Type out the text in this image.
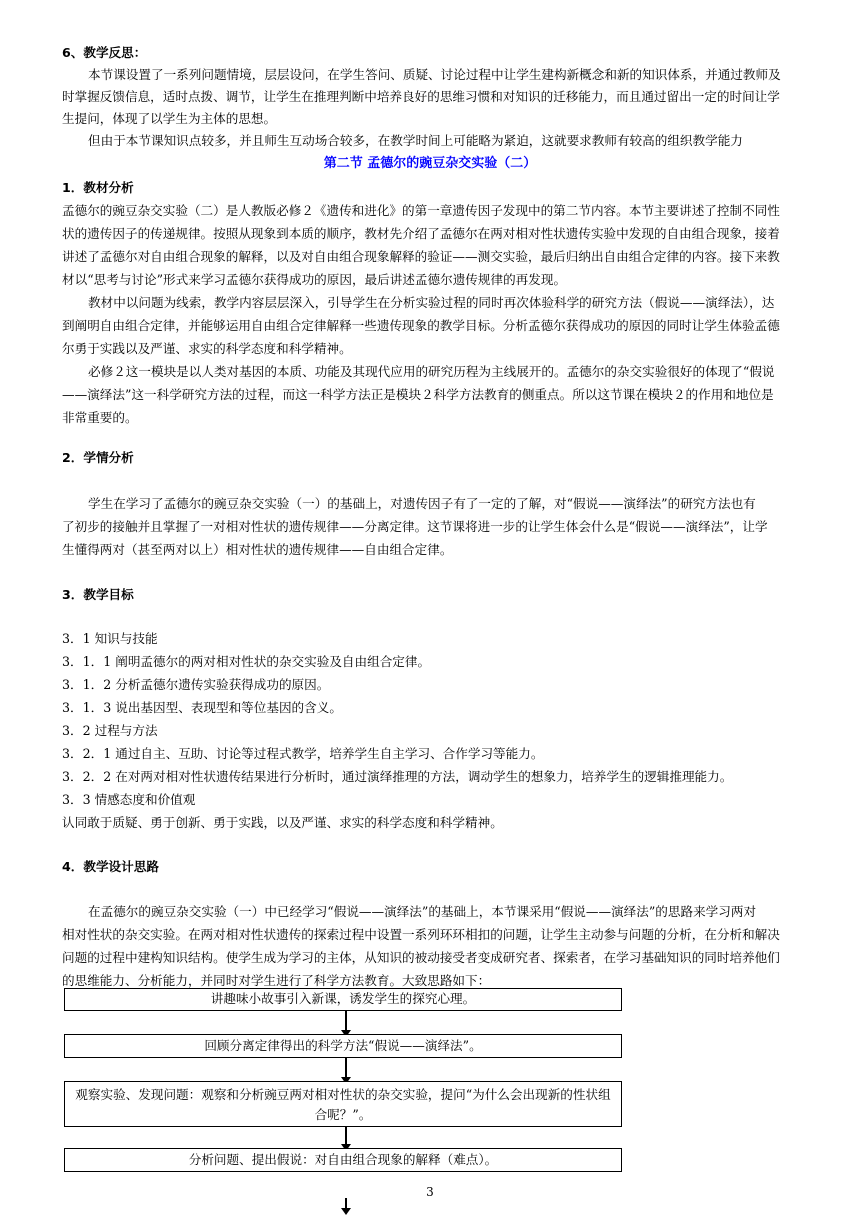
6、教学反思：
本节课设置了一系列问题情境，层层设问，在学生答问、质疑、讨论过程中让学生建构新概念和新的知识体系，并通过教师及
时掌握反馈信息，适时点拨、调节，让学生在推理判断中培养良好的思维习惯和对知识的迁移能力，而且通过留出一定的时间让学
生提问，体现了以学生为主体的思想。
但由于本节课知识点较多，并且师生互动场合较多，在教学时间上可能略为紧迫，这就要求教师有较高的组织教学能力
第二节 孟德尔的豌豆杂交实验（二）
1．教材分析
孟德尔的豌豆杂交实验（二）是人教版必修２《遗传和进化》的第一章遗传因子发现中的第二节内容。本节主要讲述了控制不同性
状的遗传因子的传递规律。按照从现象到本质的顺序，教材先介绍了孟德尔在两对相对性状遗传实验中发现的自由组合现象，接着
讲述了孟德尔对自由组合现象的解释，以及对自由组合现象解释的验证——测交实验，最后归纳出自由组合定律的内容。接下来教
材以“思考与讨论”形式来学习孟德尔获得成功的原因，最后讲述孟德尔遗传规律的再发现。
教材中以问题为线索，教学内容层层深入，引导学生在分析实验过程的同时再次体验科学的研究方法（假说——演绎法），达
到阐明自由组合定律，并能够运用自由组合定律解释一些遗传现象的教学目标。分析孟德尔获得成功的原因的同时让学生体验孟德
尔勇于实践以及严谨、求实的科学态度和科学精神。
必修２这一模块是以人类对基因的本质、功能及其现代应用的研究历程为主线展开的。孟德尔的杂交实验很好的体现了“假说
——演绎法”这一科学研究方法的过程，而这一科学方法正是模块２科学方法教育的侧重点。所以这节课在模块２的作用和地位是
非常重要的。
2．学情分析
学生在学习了孟德尔的豌豆杂交实验（一）的基础上，对遗传因子有了一定的了解，对“假说——演绎法”的研究方法也有
了初步的接触并且掌握了一对相对性状的遗传规律——分离定律。这节课将进一步的让学生体会什么是“假说——演绎法”，让学
生懂得两对（甚至两对以上）相对性状的遗传规律——自由组合定律。
3．教学目标
3．1 知识与技能
3．1．1 阐明孟德尔的两对相对性状的杂交实验及自由组合定律。
3．1．2 分析孟德尔遗传实验获得成功的原因。
3．1．3 说出基因型、表现型和等位基因的含义。
3．2 过程与方法
3．2．1 通过自主、互助、讨论等过程式教学，培养学生自主学习、合作学习等能力。
3．2．2 在对两对相对性状遗传结果进行分析时，通过演绎推理的方法，调动学生的想象力，培养学生的逻辑推理能力。
3．3 情感态度和价值观
认同敢于质疑、勇于创新、勇于实践，以及严谨、求实的科学态度和科学精神。
4．教学设计思路
在孟德尔的豌豆杂交实验（一）中已经学习“假说——演绎法”的基础上，本节课采用“假说——演绎法”的思路来学习两对
相对性状的杂交实验。在两对相对性状遗传的探索过程中设置一系列环环相扣的问题，让学生主动参与问题的分析，在分析和解决
问题的过程中建构知识结构。使学生成为学习的主体，从知识的被动接受者变成研究者、探索者，在学习基础知识的同时培养他们
的思维能力、分析能力，并同时对学生进行了科学方法教育。大致思路如下：
讲趣味小故事引入新课，诱发学生的探究心理。
回顾分离定律得出的科学方法“假说——演绎法”。
观察实验、发现问题：观察和分析豌豆两对相对性状的杂交实验，提问“为什么会出现新的性状组合呢？”。
分析问题、提出假说：对自由组合现象的解释（难点）。
3
